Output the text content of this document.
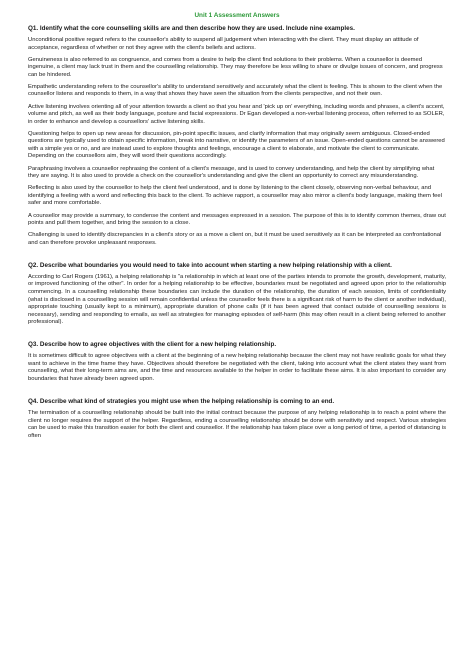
Unit 1 Assessment Answers
Q1. Identify what the core counselling skills are and then describe how they are used. Include nine examples.
Unconditional positive regard refers to the counsellor's ability to suspend all judgement when interacting with the client. They must display an attitude of acceptance, regardless of whether or not they agree with the client's beliefs and actions.
Genuineness is also referred to as congruence, and comes from a desire to help the client find solutions to their problems. When a counsellor is deemed ingenuine, a client may lack trust in them and the counselling relationship. They may therefore be less willing to share or divulge issues of concern, and progress can be hindered.
Empathetic understanding refers to the counsellor's ability to understand sensitively and accurately what the client is feeling. This is shown to the client when the counsellor listens and responds to them, in a way that shows they have seen the situation from the clients perspective, and not their own.
Active listening involves orienting all of your attention towards a client so that you hear and 'pick up on' everything, including words and phrases, a client's accent, volume and pitch, as well as their body language, posture and facial expressions. Dr Egan developed a non-verbal listening process, often referred to as SOLER, in order to enhance and develop a counsellors' active listening skills.
Questioning helps to open up new areas for discussion, pin-point specific issues, and clarify information that may originally seem ambiguous. Closed-ended questions are typically used to obtain specific information, break into narrative, or identify the parameters of an issue. Open-ended questions cannot be answered with a simple yes or no, and are instead used to explore thoughts and feelings, encourage a client to elaborate, and motivate the client to communicate. Depending on the counsellors aim, they will word their questions accordingly.
Paraphrasing involves a counsellor rephrasing the content of a client's message, and is used to convey understanding, and help the client by simplifying what they are saying. It is also used to provide a check on the counsellor's understanding and give the client an opportunity to correct any misunderstanding.
Reflecting is also used by the counsellor to help the client feel understood, and is done by listening to the client closely, observing non-verbal behaviour, and identifying a feeling with a word and reflecting this back to the client. To achieve rapport, a counsellor may also mirror a client's body language, making them feel safer and more comfortable.
A counsellor may provide a summary, to condense the content and messages expressed in a session. The purpose of this is to identify common themes, draw out points and pull them together, and bring the session to a close.
Challenging is used to identify discrepancies in a client's story or as a move a client on, but it must be used sensitively as it can be interpreted as confrontational and can therefore provoke unpleasant responses.
Q2. Describe what boundaries you would need to take into account when starting a new helping relationship with a client.
According to Carl Rogers (1961), a helping relationship is "a relationship in which at least one of the parties intends to promote the growth, development, maturity, or improved functioning of the other". In order for a helping relationship to be effective, boundaries must be negotiated and agreed upon prior to the relationship commencing. In a counselling relationship these boundaries can include the duration of the relationship, the duration of each session, limits of confidentiality (what is disclosed in a counselling session will remain confidential unless the counsellor feels there is a significant risk of harm to the client or another individual), appropriate touching (usually kept to a minimum), appropriate duration of phone calls (if it has been agreed that contact outside of counselling sessions is necessary), sending and responding to emails, as well as strategies for managing episodes of self-harm (this may often result in a client being referred to another professional).
Q3. Describe how to agree objectives with the client for a new helping relationship.
It is sometimes difficult to agree objectives with a client at the beginning of a new helping relationship because the client may not have realistic goals for what they want to achieve in the time frame they have. Objectives should therefore be negotiated with the client, taking into account what the client states they want from counselling, what their long-term aims are, and the time and resources available to the helper in order to facilitate these aims. It is also important to consider any boundaries that have already been agreed upon.
Q4. Describe what kind of strategies you might use when the helping relationship is coming to an end.
The termination of a counselling relationship should be built into the initial contract because the purpose of any helping relationship is to reach a point where the client no longer requires the support of the helper. Regardless, ending a counselling relationship should be done with sensitivity and respect. Various strategies can be used to make this transition easier for both the client and counsellor. If the relationship has taken place over a long period of time, a period of distancing is often
